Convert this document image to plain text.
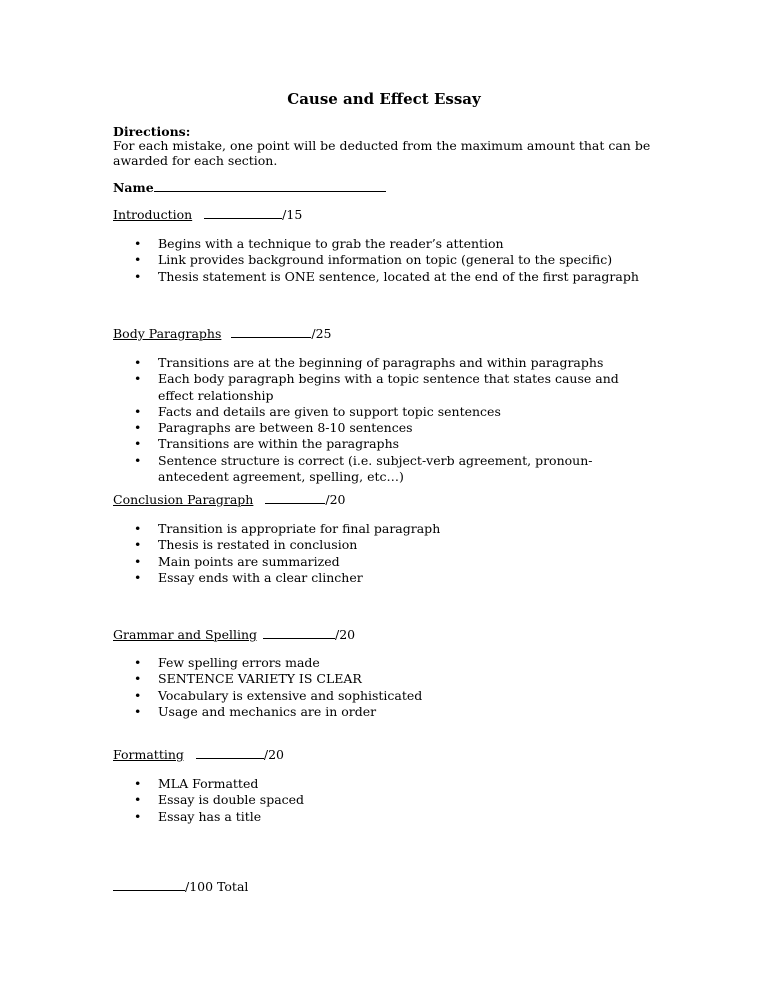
Cause and Effect Essay
Directions:
For each mistake, one point will be deducted from the maximum amount that can be awarded for each section.
Name
Introduction	/15
• Begins with a technique to grab the reader’s attention
• Link provides background information on topic (general to the specific)
• Thesis statement is ONE sentence, located at the end of the first paragraph
Body Paragraphs	/25
• Transitions are at the beginning of paragraphs and within paragraphs
• Each body paragraph begins with a topic sentence that states cause and effect relationship
• Facts and details are given to support topic sentences
• Paragraphs are between 8-10 sentences
• Transitions are within the paragraphs
• Sentence structure is correct (i.e. subject-verb agreement, pronoun-antecedent agreement, spelling, etc…)
Conclusion Paragraph	/20
• Transition is appropriate for final paragraph
• Thesis is restated in conclusion
• Main points are summarized
• Essay ends with a clear clincher
Grammar and Spelling	/20
• Few spelling errors made
• SENTENCE VARIETY IS CLEAR
• Vocabulary is extensive and sophisticated
• Usage and mechanics are in order
Formatting	/20
• MLA Formatted
• Essay is double spaced
• Essay has a title
/100 Total
